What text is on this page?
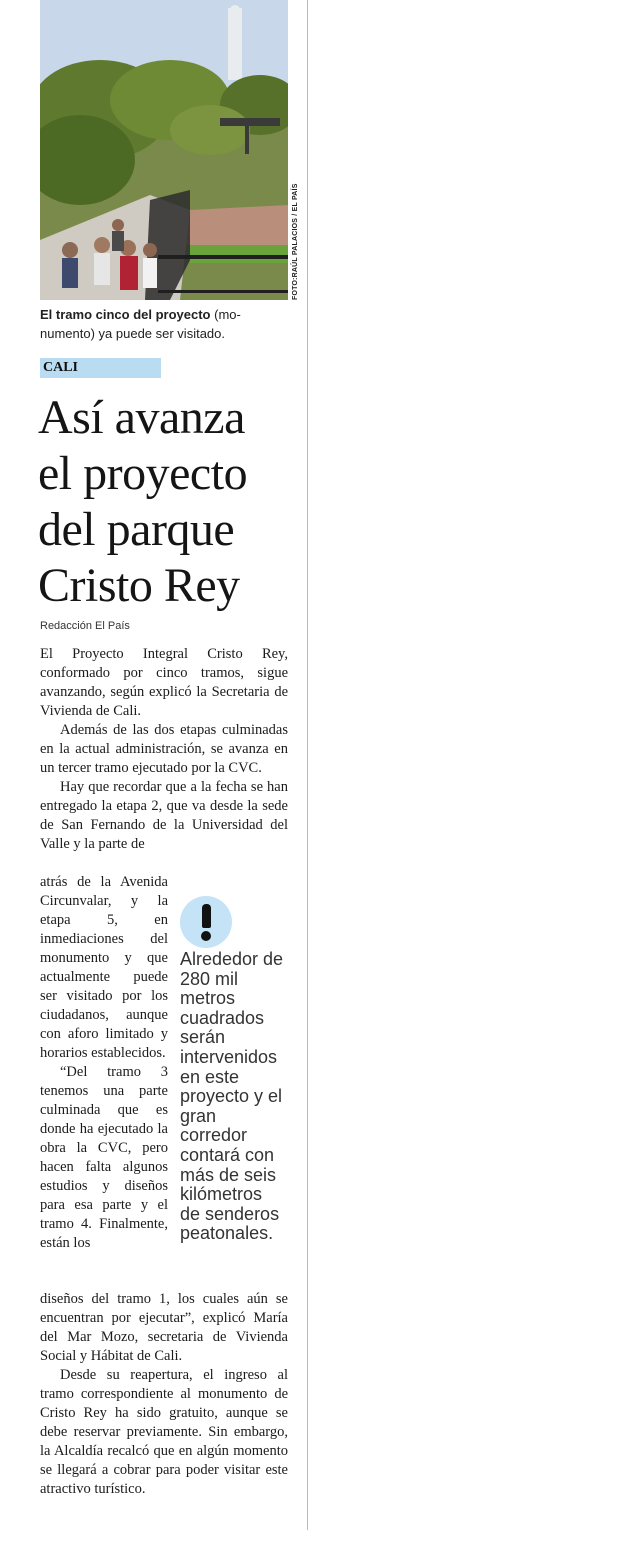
FOTO:RAÚL PALACIOS / EL PAÍS
El tramo cinco del proyecto (mo-
numento) ya puede ser visitado.
CALI
Así avanza
el proyecto
del parque
Cristo Rey
Redacción El País

El Proyecto Integral Cristo Rey, conformado por cinco tramos, sigue avanzando, según explicó la Secretaria de Vivienda de Cali.

Además de las dos etapas culminadas en la actual administración, se avanza en un tercer tramo ejecutado por la CVC.

Hay que recordar que a la fecha se han entregado la etapa 2, que va desde la sede de San Fernando de la Universidad del Valle y la parte de

atrás de la Avenida Circunvalar, y la etapa 5, en inmediaciones del monumento y que actualmente puede ser visitado por los ciudadanos, aunque con aforo limitado y horarios establecidos.

“Del tramo 3 tenemos una parte culminada que es donde ha ejecutado la obra la CVC, pero hacen falta algunos estudios y diseños para esa parte y el tramo 4. Finalmente, están los

Alrededor de
280 mil
metros
cuadrados
serán
intervenidos
en este
proyecto y el
gran
corredor
contará con
más de seis
kilómetros
de senderos
peatonales.

diseños del tramo 1, los cuales aún se encuentran por ejecutar”, explicó María del Mar Mozo, secretaria de Vivienda Social y Hábitat de Cali.

Desde su reapertura, el ingreso al tramo correspondiente al monumento de Cristo Rey ha sido gratuito, aunque se debe reservar previamente. Sin embargo, la Alcaldía recalcó que en algún momento se llegará a cobrar para poder visitar este atractivo turístico.
